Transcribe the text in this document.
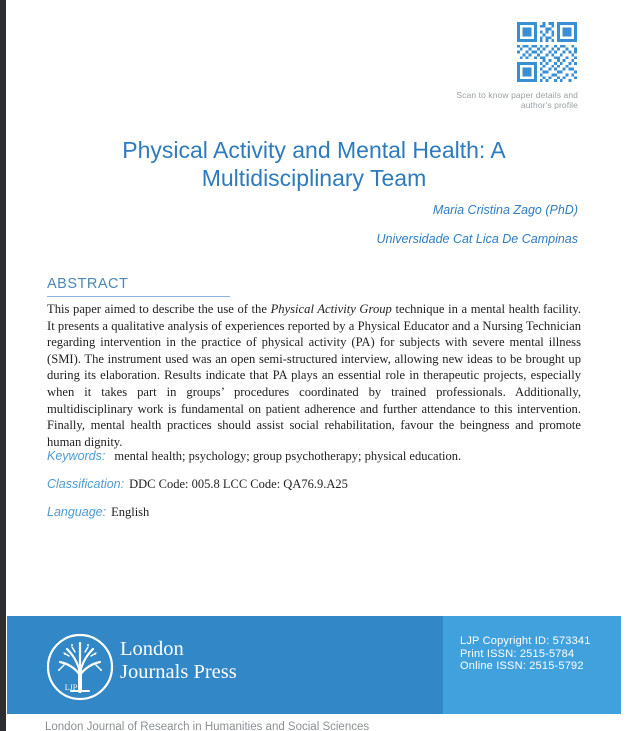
Scan to know paper details and
author's profile
Physical Activity and Mental Health: A Multidisciplinary Team
Maria Cristina Zago (PhD)
Universidade Cat Lica De Campinas
ABSTRACT
This paper aimed to describe the use of the Physical Activity Group technique in a mental health facility. It presents a qualitative analysis of experiences reported by a Physical Educator and a Nursing Technician regarding intervention in the practice of physical activity (PA) for subjects with severe mental illness (SMI). The instrument used was an open semi-structured interview, allowing new ideas to be brought up during its elaboration. Results indicate that PA plays an essential role in therapeutic projects, especially when it takes part in groups’ procedures coordinated by trained professionals. Additionally, multidisciplinary work is fundamental on patient adherence and further attendance to this intervention. Finally, mental health practices should assist social rehabilitation, favour the beingness and promote human dignity.
Keywords: mental health; psychology; group psychotherapy; physical education.
Classification: DDC Code: 005.8 LCC Code: QA76.9.A25
Language: English
LJP
London
Journals Press
LJP Copyright ID: 573341
Print ISSN: 2515-5784
Online ISSN: 2515-5792
London Journal of Research in Humanities and Social Sciences
